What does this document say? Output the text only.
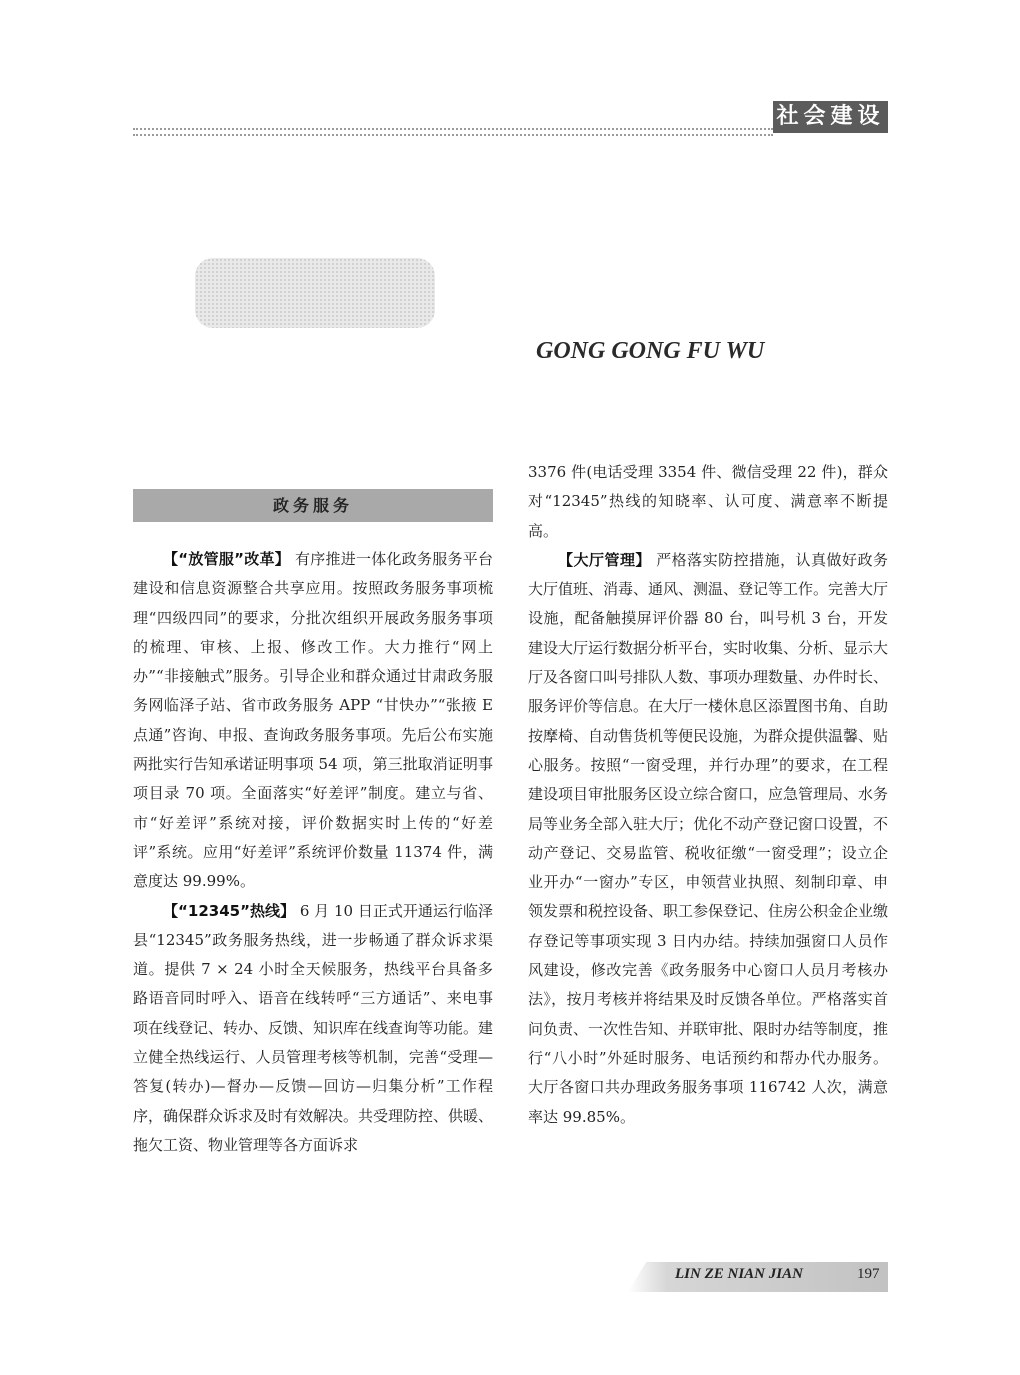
社会建设
GONG GONG FU WU
政务服务

【“放管服”改革】 有序推进一体化政务服务平台建设和信息资源整合共享应用。按照政务服务事项梳理“四级四同”的要求，分批次组织开展政务服务事项的梳理、审核、上报、修改工作。大力推行“网上办”“非接触式”服务。引导企业和群众通过甘肃政务服务网临泽子站、省市政务服务 APP “甘快办”“张掖 E 点通”咨询、申报、查询政务服务事项。先后公布实施两批实行告知承诺证明事项 54 项，第三批取消证明事项目录 70 项。全面落实“好差评”制度。建立与省、市“好差评”系统对接，评价数据实时上传的“好差评”系统。应用“好差评”系统评价数量 11374 件，满意度达 99.99%。

【“12345”热线】 6 月 10 日正式开通运行临泽县“12345”政务服务热线，进一步畅通了群众诉求渠道。提供 7 × 24 小时全天候服务，热线平台具备多路语音同时呼入、语音在线转呼“三方通话”、来电事项在线登记、转办、反馈、知识库在线查询等功能。建立健全热线运行、人员管理考核等机制，完善“受理—答复(转办)—督办—反馈—回访—归集分析”工作程序，确保群众诉求及时有效解决。共受理防控、供暖、拖欠工资、物业管理等各方面诉求

3376 件(电话受理 3354 件、微信受理 22 件)，群众对“12345”热线的知晓率、认可度、满意率不断提高。

【大厅管理】 严格落实防控措施，认真做好政务大厅值班、消毒、通风、测温、登记等工作。完善大厅设施，配备触摸屏评价器 80 台，叫号机 3 台，开发建设大厅运行数据分析平台，实时收集、分析、显示大厅及各窗口叫号排队人数、事项办理数量、办件时长、服务评价等信息。在大厅一楼休息区添置图书角、自助按摩椅、自动售货机等便民设施，为群众提供温馨、贴心服务。按照“一窗受理，并行办理”的要求，在工程建设项目审批服务区设立综合窗口，应急管理局、水务局等业务全部入驻大厅；优化不动产登记窗口设置，不动产登记、交易监管、税收征缴“一窗受理”；设立企业开办“一窗办”专区，申领营业执照、刻制印章、申领发票和税控设备、职工参保登记、住房公积金企业缴存登记等事项实现 3 日内办结。持续加强窗口人员作风建设，修改完善《政务服务中心窗口人员月考核办法》，按月考核并将结果及时反馈各单位。严格落实首问负责、一次性告知、并联审批、限时办结等制度，推行“八小时”外延时服务、电话预约和帮办代办服务。大厅各窗口共办理政务服务事项 116742 人次，满意率达 99.85%。

LIN ZE NIAN JIAN	197
